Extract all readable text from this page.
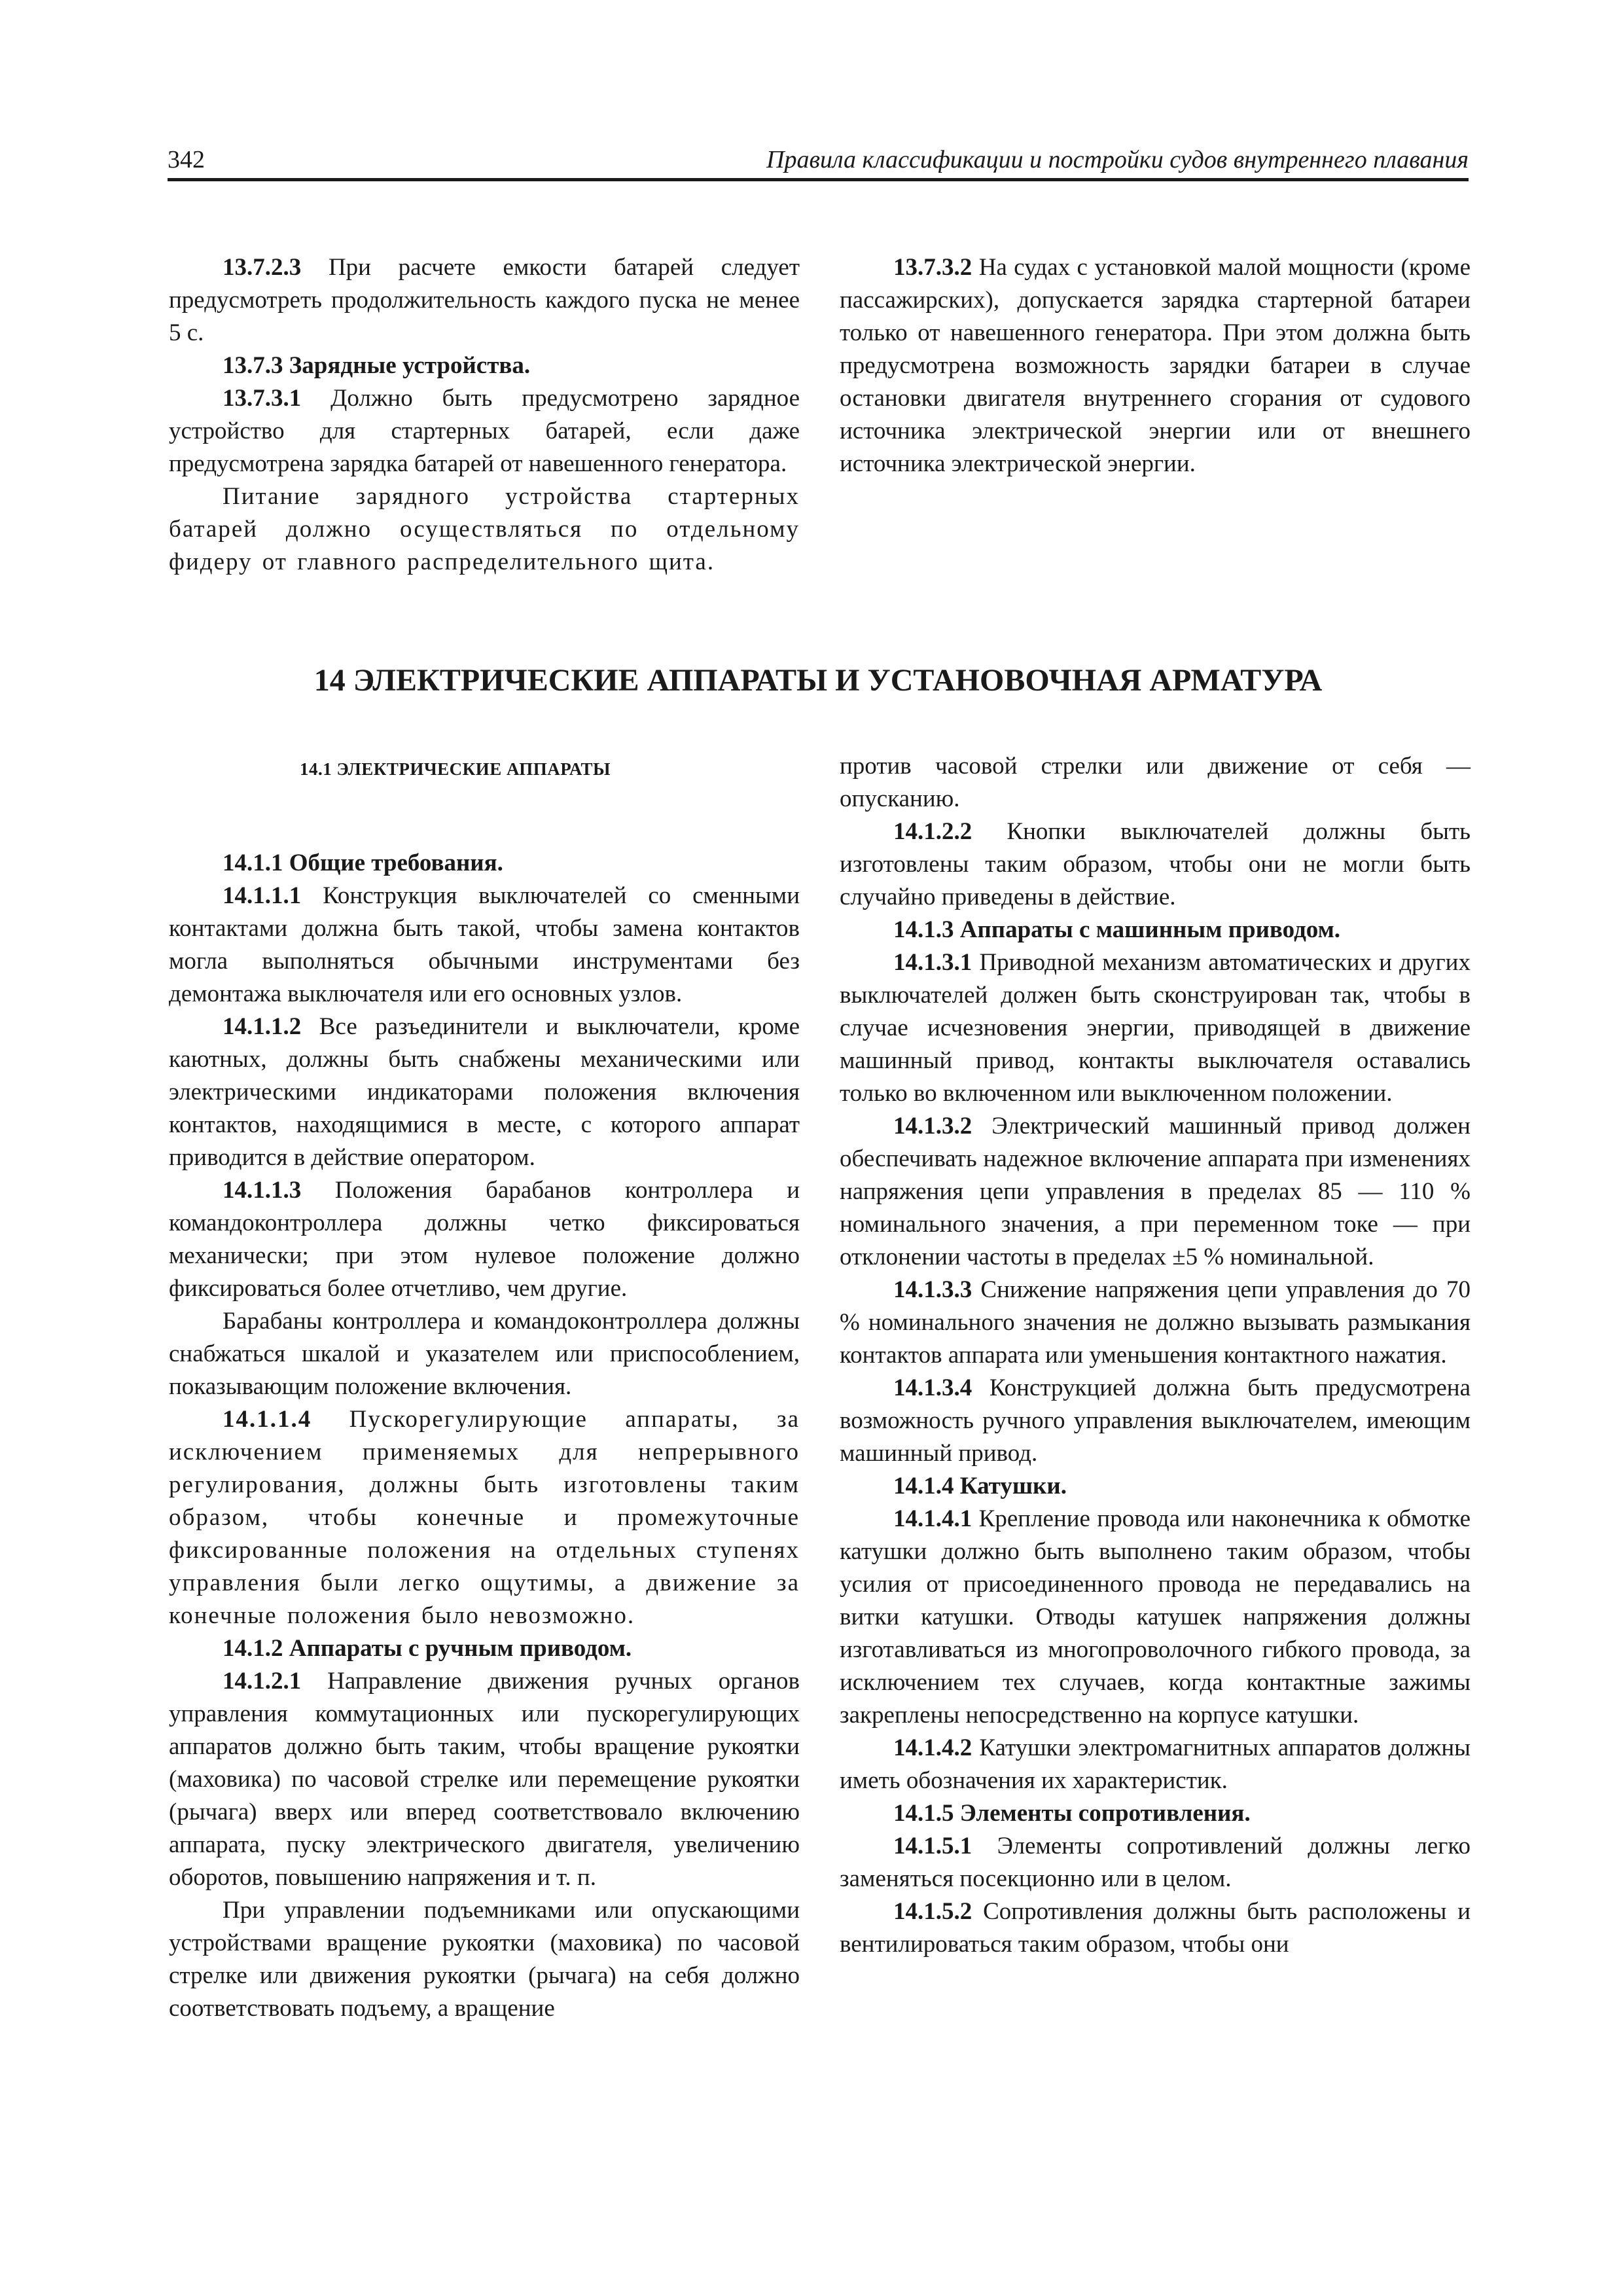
342	Правила классификации и постройки судов внутреннего плавания

13.7.2.3 При расчете емкости батарей следует предусмотреть продолжительность каждого пуска не менее 5 с.

13.7.3 Зарядные устройства.

13.7.3.1 Должно быть предусмотрено зарядное устройство для стартерных батарей, если даже предусмотрена зарядка батарей от навешенного генератора.

Питание зарядного устройства стартерных батарей должно осуществляться по отдельному фидеру от главного распределительного щита.

13.7.3.2 На судах с установкой малой мощности (кроме пассажирских), допускается зарядка стартерной батареи только от навешенного генератора. При этом должна быть предусмотрена возможность зарядки батареи в случае остановки двигателя внутреннего сгорания от судового источника электрической энергии или от внешнего источника электрической энергии.

14 ЭЛЕКТРИЧЕСКИЕ АППАРАТЫ И УСТАНОВОЧНАЯ АРМАТУРА

14.1 ЭЛЕКТРИЧЕСКИЕ АППАРАТЫ

14.1.1 Общие требования.

14.1.1.1 Конструкция выключателей со сменными контактами должна быть такой, чтобы замена контактов могла выполняться обычными инструментами без демонтажа выключателя или его основных узлов.

14.1.1.2 Все разъединители и выключатели, кроме каютных, должны быть снабжены механическими или электрическими индикаторами положения включения контактов, находящимися в месте, с которого аппарат приводится в действие оператором.

14.1.1.3 Положения барабанов контроллера и командоконтроллера должны четко фиксироваться механически; при этом нулевое положение должно фиксироваться более отчетливо, чем другие.

Барабаны контроллера и командоконтроллера должны снабжаться шкалой и указателем или приспособлением, показывающим положение включения.

14.1.1.4 Пускорегулирующие аппараты, за исключением применяемых для непрерывного регулирования, должны быть изготовлены таким образом, чтобы конечные и промежуточные фиксированные положения на отдельных ступенях управления были легко ощутимы, а движение за конечные положения было невозможно.

14.1.2 Аппараты с ручным приводом.

14.1.2.1 Направление движения ручных органов управления коммутационных или пускорегулирующих аппаратов должно быть таким, чтобы вращение рукоятки (маховика) по часовой стрелке или перемещение рукоятки (рычага) вверх или вперед соответствовало включению аппарата, пуску электрического двигателя, увеличению оборотов, повышению напряжения и т. п.

При управлении подъемниками или опускающими устройствами вращение рукоятки (маховика) по часовой стрелке или движения рукоятки (рычага) на себя должно соответствовать подъему, а вращение

против часовой стрелки или движение от себя — опусканию.

14.1.2.2 Кнопки выключателей должны быть изготовлены таким образом, чтобы они не могли быть случайно приведены в действие.

14.1.3 Аппараты с машинным приводом.

14.1.3.1 Приводной механизм автоматических и других выключателей должен быть сконструирован так, чтобы в случае исчезновения энергии, приводящей в движение машинный привод, контакты выключателя оставались только во включенном или выключенном положении.

14.1.3.2 Электрический машинный привод должен обеспечивать надежное включение аппарата при изменениях напряжения цепи управления в пределах 85 — 110 % номинального значения, а при переменном токе — при отклонении частоты в пределах ±5 % номинальной.

14.1.3.3 Снижение напряжения цепи управления до 70 % номинального значения не должно вызывать размыкания контактов аппарата или уменьшения контактного нажатия.

14.1.3.4 Конструкцией должна быть предусмотрена возможность ручного управления выключателем, имеющим машинный привод.

14.1.4 Катушки.

14.1.4.1 Крепление провода или наконечника к обмотке катушки должно быть выполнено таким образом, чтобы усилия от присоединенного провода не передавались на витки катушки. Отводы катушек напряжения должны изготавливаться из многопроволочного гибкого провода, за исключением тех случаев, когда контактные зажимы закреплены непосредственно на корпусе катушки.

14.1.4.2 Катушки электромагнитных аппаратов должны иметь обозначения их характеристик.

14.1.5 Элементы сопротивления.

14.1.5.1 Элементы сопротивлений должны легко заменяться посекционно или в целом.

14.1.5.2 Сопротивления должны быть расположены и вентилироваться таким образом, чтобы они
